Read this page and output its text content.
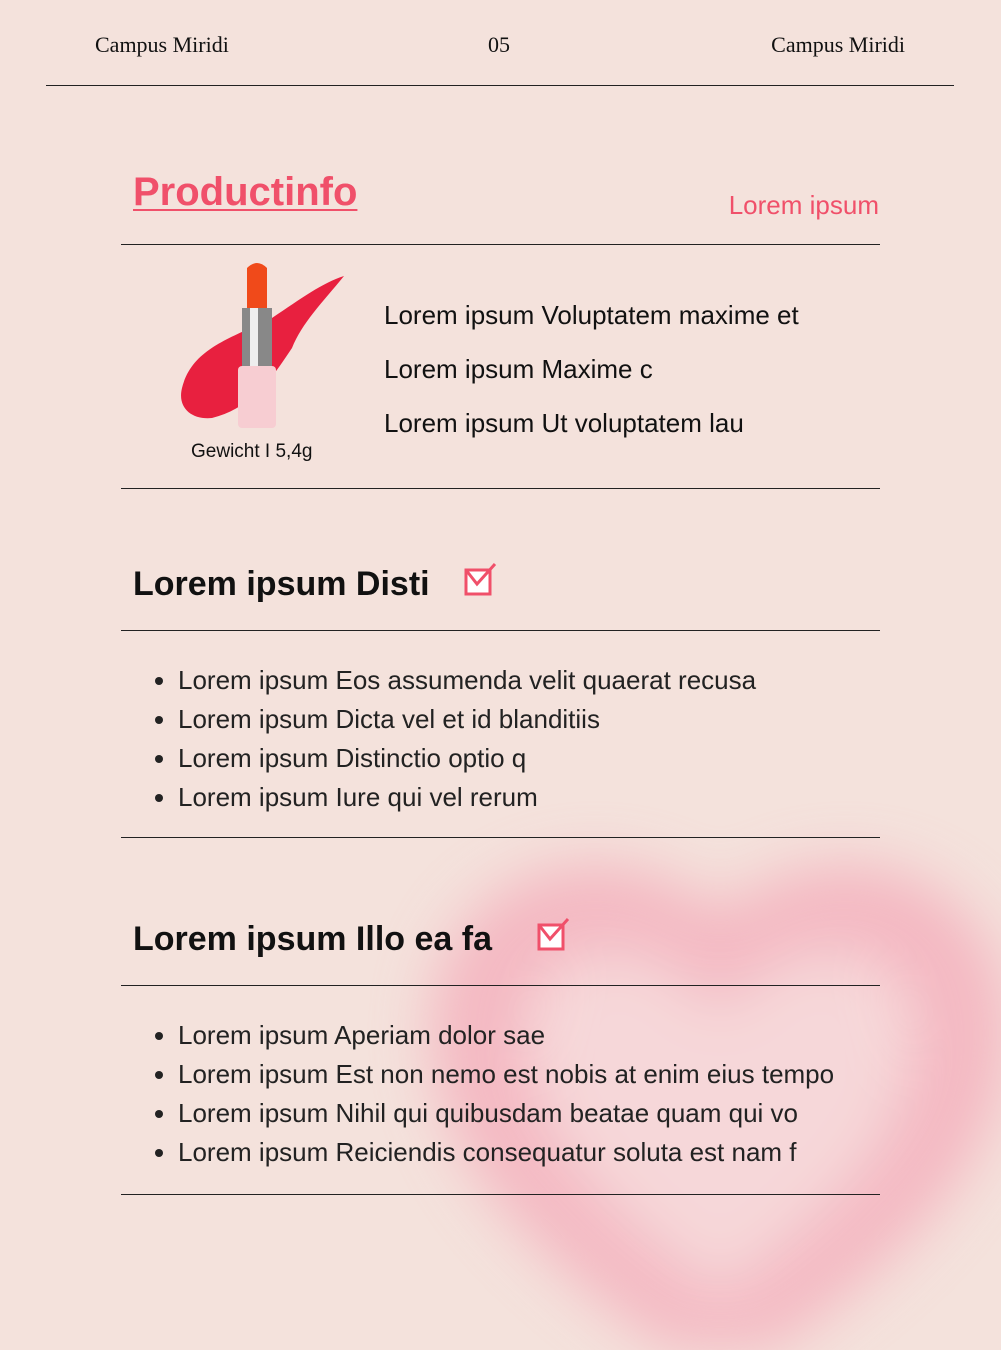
Campus Miridi	05	Campus Miridi
Productinfo	Lorem ipsum
Gewicht I 5,4g
Lorem ipsum Voluptatem maxime et
Lorem ipsum Maxime c
Lorem ipsum Ut voluptatem lau
Lorem ipsum Disti
• Lorem ipsum Eos assumenda velit quaerat recusa
• Lorem ipsum Dicta vel et id blanditiis
• Lorem ipsum Distinctio optio q
• Lorem ipsum Iure qui vel rerum
Lorem ipsum Illo ea fa
• Lorem ipsum Aperiam dolor sae
• Lorem ipsum Est non nemo est nobis at enim eius tempo
• Lorem ipsum Nihil qui quibusdam beatae quam qui vo
• Lorem ipsum Reiciendis consequatur soluta est nam f
